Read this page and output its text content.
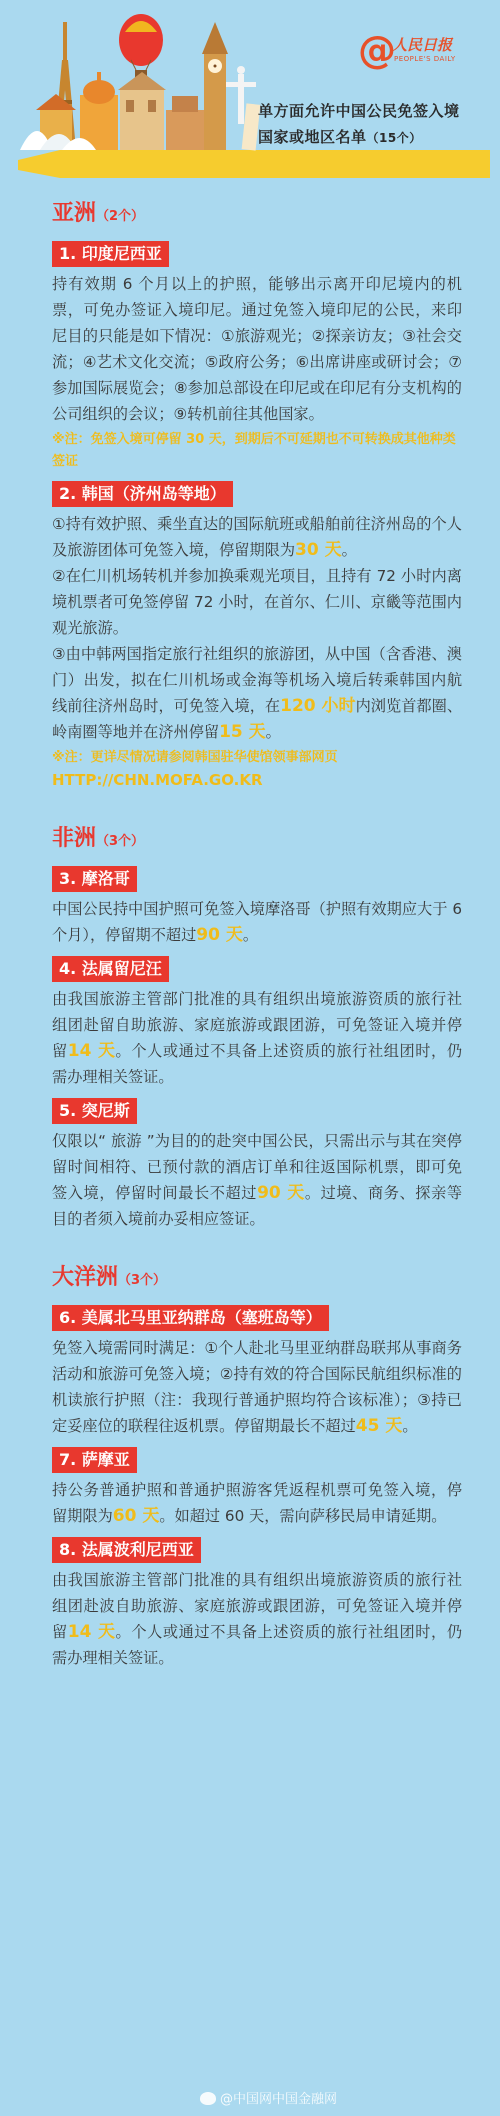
@
人民日报
PEOPLE'S DAILY
单方面允许中国公民免签入境
国家或地区名单（15个）
亚洲（2个）
1. 印度尼西亚

持有效期 6 个月以上的护照，能够出示离开印尼境内的机票，可免办签证入境印尼。通过免签入境印尼的公民，来印尼目的只能是如下情况：①旅游观光；②探亲访友；③社会交流；④艺术文化交流；⑤政府公务；⑥出席讲座或研讨会；⑦参加国际展览会；⑧参加总部设在印尼或在印尼有分支机构的公司组织的会议；⑨转机前往其他国家。

※注：免签入境可停留 30 天，到期后不可延期也不可转换成其他种类签证

2. 韩国（济州岛等地）

①持有效护照、乘坐直达的国际航班或船舶前往济州岛的个人及旅游团体可免签入境，停留期限为30 天。

②在仁川机场转机并参加换乘观光项目，且持有 72 小时内离境机票者可免签停留 72 小时，在首尔、仁川、京畿等范围内观光旅游。

③由中韩两国指定旅行社组织的旅游团，从中国（含香港、澳门）出发，拟在仁川机场或金海等机场入境后转乘韩国内航线前往济州岛时，可免签入境，在120 小时内浏览首都圈、岭南圈等地并在济州停留15 天。

※注：更详尽情况请参阅韩国驻华使馆领事部网页
HTTP://CHN.MOFA.GO.KR

非洲（3个）
3. 摩洛哥

中国公民持中国护照可免签入境摩洛哥（护照有效期应大于 6 个月），停留期不超过90 天。

4. 法属留尼汪

由我国旅游主管部门批准的具有组织出境旅游资质的旅行社组团赴留自助旅游、家庭旅游或跟团游，可免签证入境并停留14 天。个人或通过不具备上述资质的旅行社组团时，仍需办理相关签证。

5. 突尼斯

仅限以“ 旅游 ”为目的的赴突中国公民，只需出示与其在突停留时间相符、已预付款的酒店订单和往返国际机票，即可免签入境，停留时间最长不超过90 天。过境、商务、探亲等目的者须入境前办妥相应签证。

大洋洲（3个）
6. 美属北马里亚纳群岛（塞班岛等）

免签入境需同时满足：①个人赴北马里亚纳群岛联邦从事商务活动和旅游可免签入境；②持有效的符合国际民航组织标准的机读旅行护照（注：我现行普通护照均符合该标准）；③持已定妥座位的联程往返机票。停留期最长不超过45 天。

7. 萨摩亚

持公务普通护照和普通护照游客凭返程机票可免签入境，停留期限为60 天。如超过 60 天，需向萨移民局申请延期。

8. 法属波利尼西亚

由我国旅游主管部门批准的具有组织出境旅游资质的旅行社组团赴波自助旅游、家庭旅游或跟团游，可免签证入境并停留14 天。个人或通过不具备上述资质的旅行社组团时，仍需办理相关签证。

@中国网中国金融网
